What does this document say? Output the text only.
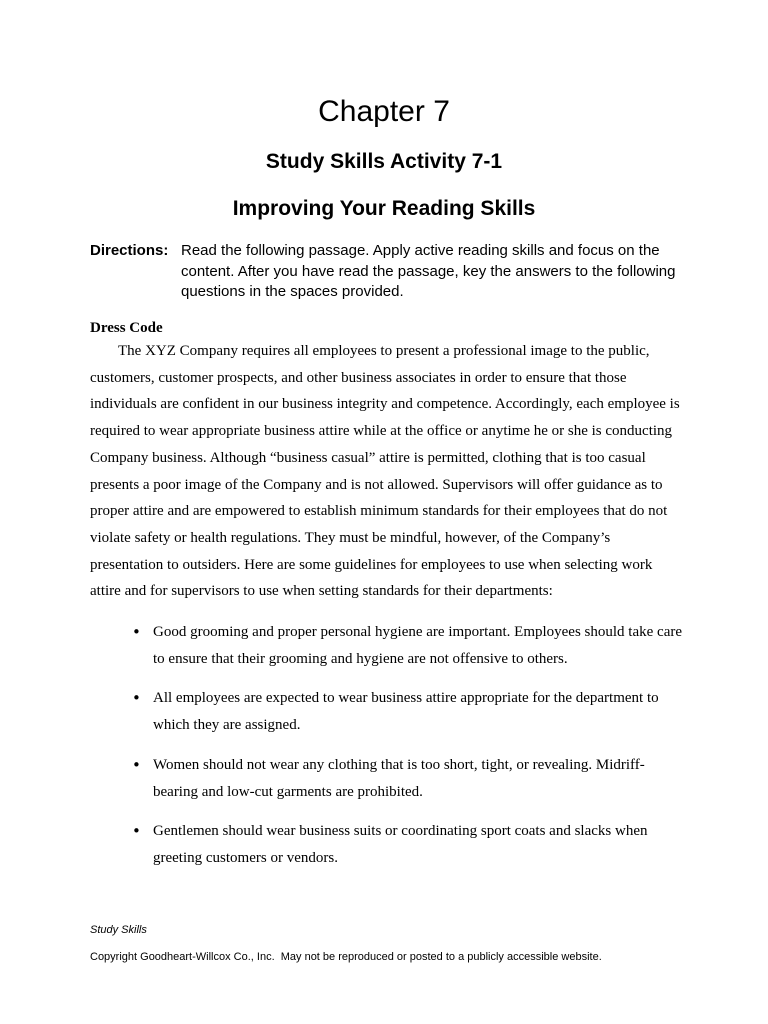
Chapter 7
Study Skills Activity 7-1
Improving Your Reading Skills
Directions: Read the following passage. Apply active reading skills and focus on the content. After you have read the passage, key the answers to the following questions in the spaces provided.
Dress Code

The XYZ Company requires all employees to present a professional image to the public, customers, customer prospects, and other business associates in order to ensure that those individuals are confident in our business integrity and competence. Accordingly, each employee is required to wear appropriate business attire while at the office or anytime he or she is conducting Company business. Although “business casual” attire is permitted, clothing that is too casual presents a poor image of the Company and is not allowed. Supervisors will offer guidance as to proper attire and are empowered to establish minimum standards for their employees that do not violate safety or health regulations. They must be mindful, however, of the Company’s presentation to outsiders. Here are some guidelines for employees to use when selecting work attire and for supervisors to use when setting standards for their departments:

• Good grooming and proper personal hygiene are important. Employees should take care to ensure that their grooming and hygiene are not offensive to others.
• All employees are expected to wear business attire appropriate for the department to which they are assigned.
• Women should not wear any clothing that is too short, tight, or revealing. Midriff-bearing and low-cut garments are prohibited.
• Gentlemen should wear business suits or coordinating sport coats and slacks when greeting customers or vendors.
Study Skills
Copyright Goodheart-Willcox Co., Inc.  May not be reproduced or posted to a publicly accessible website.
